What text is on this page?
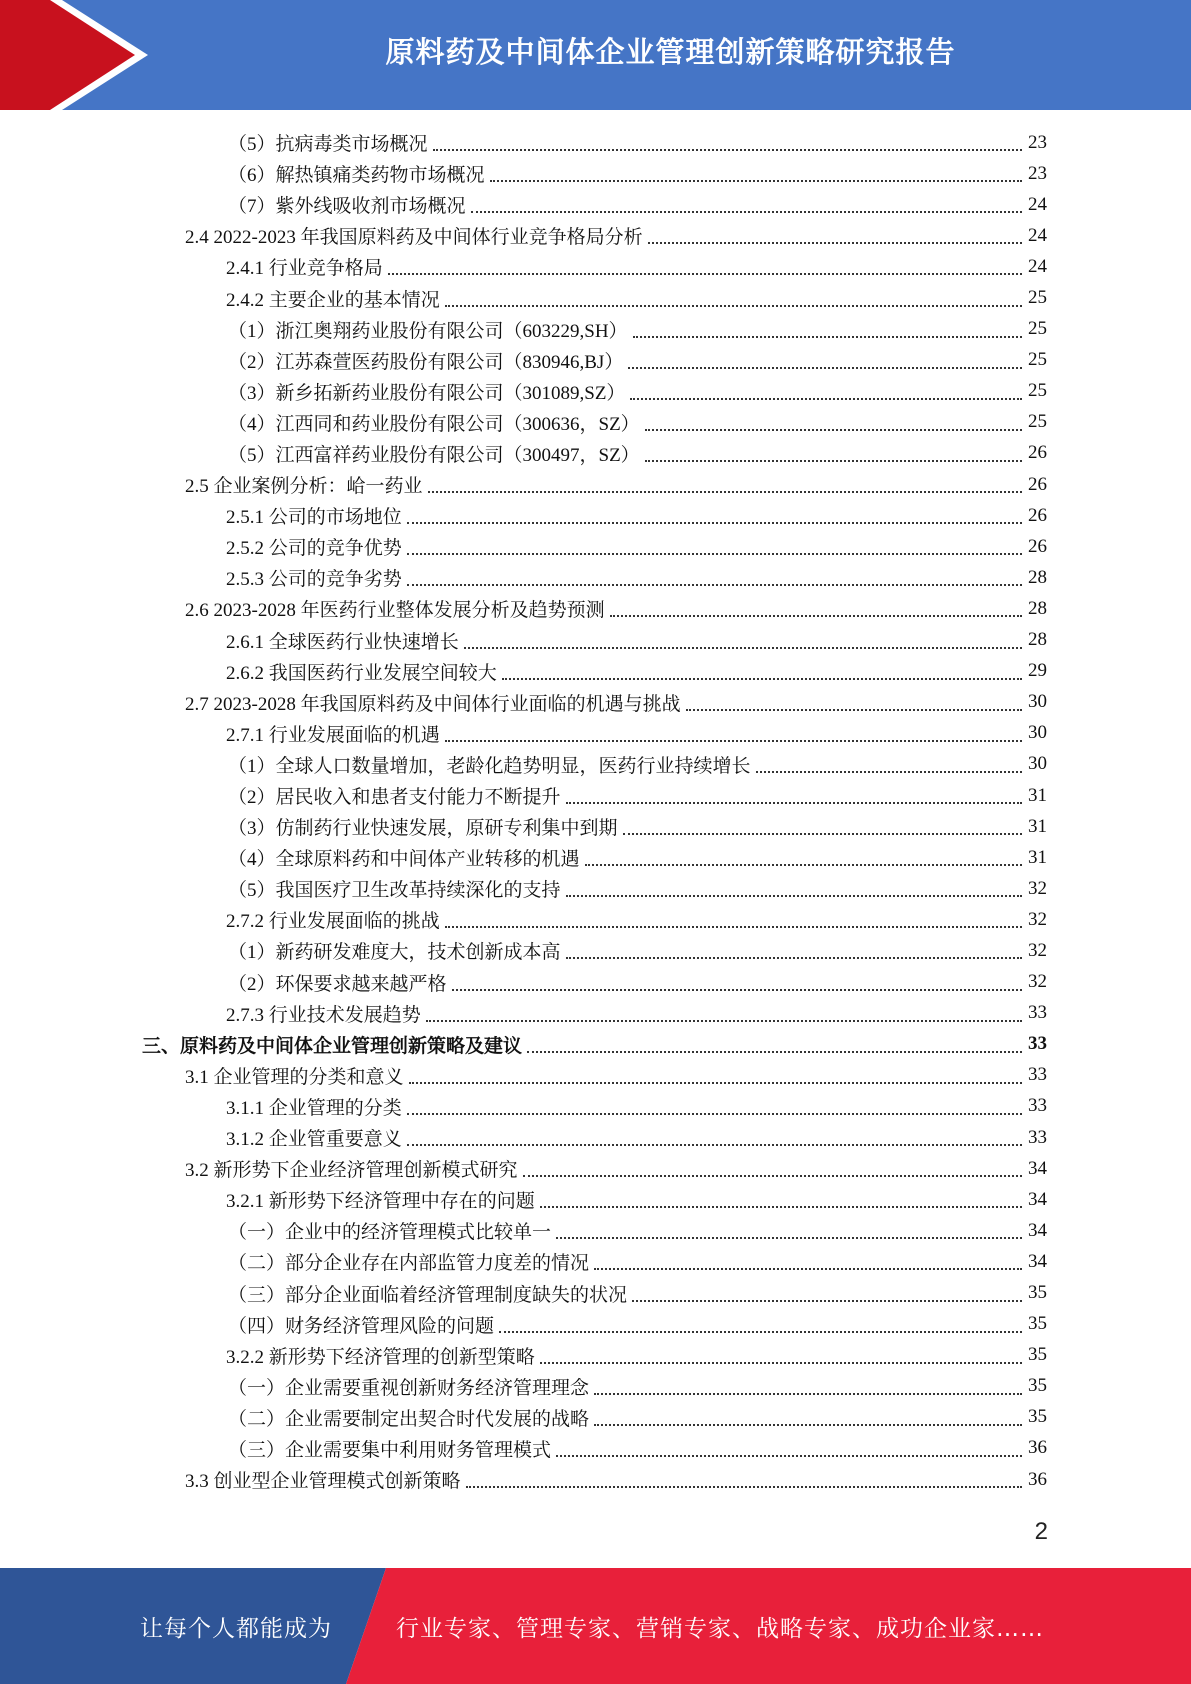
原料药及中间体企业管理创新策略研究报告
（5）抗病毒类市场概况	23
（6）解热镇痛类药物市场概况	23
（7）紫外线吸收剂市场概况	24
2.4 2022-2023 年我国原料药及中间体行业竞争格局分析	24
2.4.1 行业竞争格局	24
2.4.2 主要企业的基本情况	25
（1）浙江奥翔药业股份有限公司（603229,SH）	25
（2）江苏森萱医药股份有限公司（830946,BJ）	25
（3）新乡拓新药业股份有限公司（301089,SZ）	25
（4）江西同和药业股份有限公司（300636，SZ）	25
（5）江西富祥药业股份有限公司（300497，SZ）	26
2.5 企业案例分析：峆一药业	26
2.5.1 公司的市场地位	26
2.5.2 公司的竞争优势	26
2.5.3 公司的竞争劣势	28
2.6 2023-2028 年医药行业整体发展分析及趋势预测	28
2.6.1 全球医药行业快速增长	28
2.6.2 我国医药行业发展空间较大	29
2.7 2023-2028 年我国原料药及中间体行业面临的机遇与挑战	30
2.7.1 行业发展面临的机遇	30
（1）全球人口数量增加，老龄化趋势明显，医药行业持续增长	30
（2）居民收入和患者支付能力不断提升	31
（3）仿制药行业快速发展，原研专利集中到期	31
（4）全球原料药和中间体产业转移的机遇	31
（5）我国医疗卫生改革持续深化的支持	32
2.7.2 行业发展面临的挑战	32
（1）新药研发难度大，技术创新成本高	32
（2）环保要求越来越严格	32
2.7.3 行业技术发展趋势	33
三、原料药及中间体企业管理创新策略及建议	33
3.1 企业管理的分类和意义	33
3.1.1 企业管理的分类	33
3.1.2 企业管重要意义	33
3.2 新形势下企业经济管理创新模式研究	34
3.2.1 新形势下经济管理中存在的问题	34
（一）企业中的经济管理模式比较单一	34
（二）部分企业存在内部监管力度差的情况	34
（三）部分企业面临着经济管理制度缺失的状况	35
（四）财务经济管理风险的问题	35
3.2.2 新形势下经济管理的创新型策略	35
（一）企业需要重视创新财务经济管理理念	35
（二）企业需要制定出契合时代发展的战略	35
（三）企业需要集中利用财务管理模式	36
3.3 创业型企业管理模式创新策略	36
2
让每个人都能成为	行业专家、管理专家、营销专家、战略专家、成功企业家……
